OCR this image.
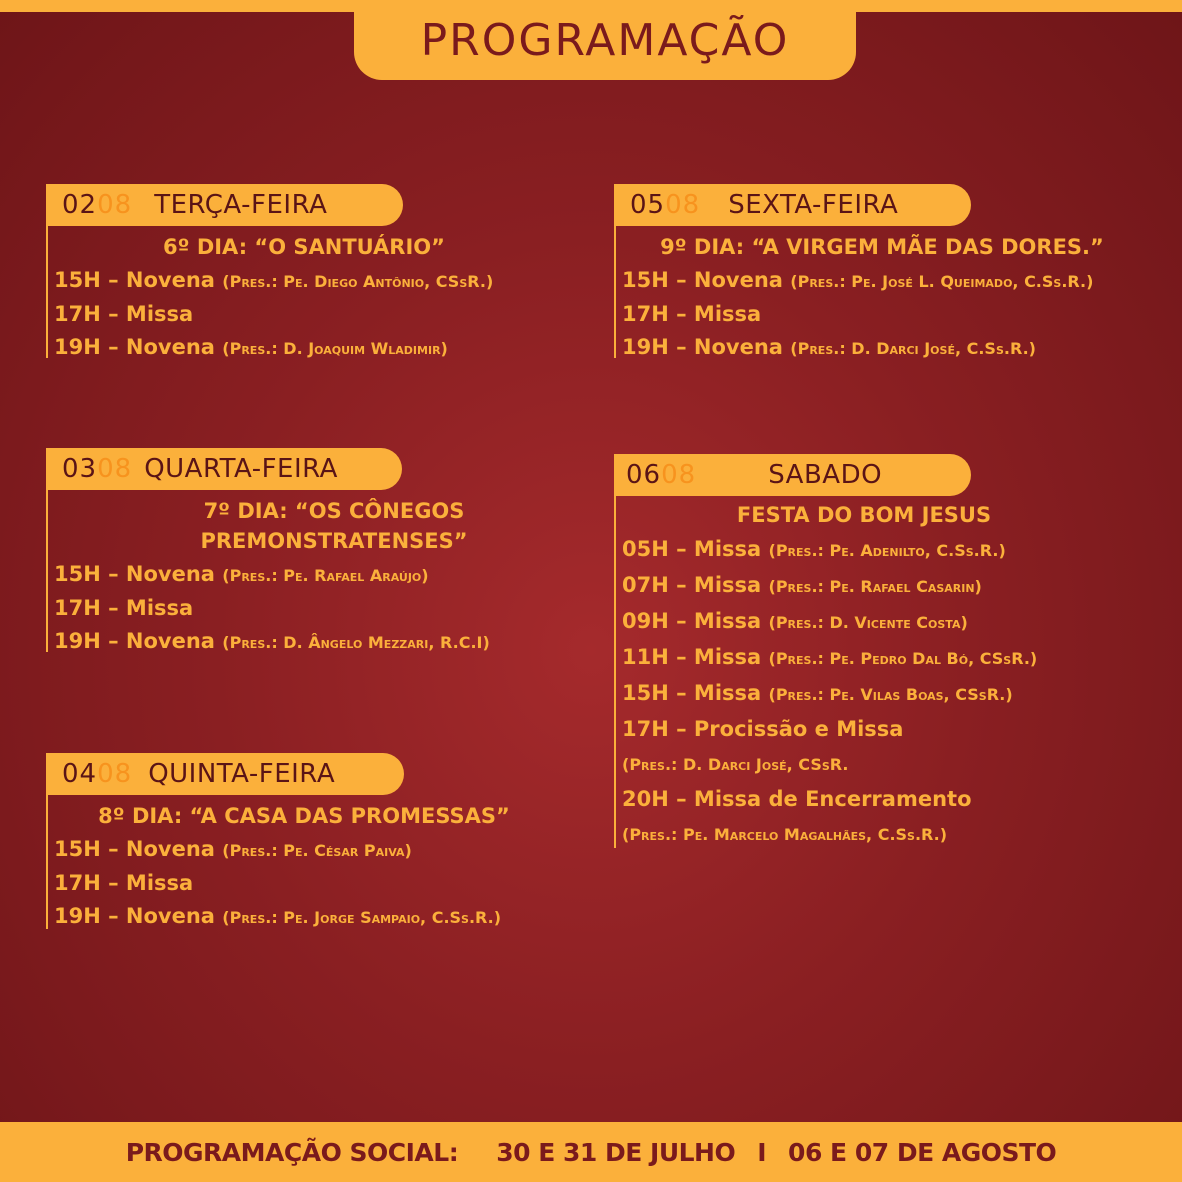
PROGRAMAÇÃO
0208 TERÇA-FEIRA
6º DIA: “O SANTUÁRIO”
15H – Novena (Pres.: Pe. Diego Antônio, CSsR.)
17H – Missa
19H – Novena (Pres.: D. Joaquim Wladimir)
0308 QUARTA-FEIRA
7º DIA: “OS CÔNEGOS PREMONSTRATENSES”
15H – Novena (Pres.: Pe. Rafael Araújo)
17H – Missa
19H – Novena (Pres.: D. Ângelo Mezzari, R.C.I)
0408 QUINTA-FEIRA
8º DIA: “A CASA DAS PROMESSAS”
15H – Novena (Pres.: Pe. César Paiva)
17H – Missa
19H – Novena (Pres.: Pe. Jorge Sampaio, C.Ss.R.)
0508 SEXTA-FEIRA
9º DIA: “A VIRGEM MÃE DAS DORES.”
15H – Novena (Pres.: Pe. José L. Queimado, C.Ss.R.)
17H – Missa
19H – Novena (Pres.: D. Darci José, C.Ss.R.)
0608	SABADO
FESTA DO BOM JESUS
05H – Missa (Pres.: Pe. Adenilto, C.Ss.R.)
07H – Missa (Pres.: Pe. Rafael Casarin)
09H – Missa (Pres.: D. Vicente Costa)
11H – Missa (Pres.: Pe. Pedro Dal Bó, CSsR.)
15H – Missa (Pres.: Pe. Vilas Boas, CSsR.)
17H – Procissão e Missa
(Pres.: D. Darci José, CSsR.
20H – Missa de Encerramento
(Pres.: Pe. Marcelo Magalhães, C.Ss.R.)
PROGRAMAÇÃO SOCIAL: 30 E 31 DE JULHO I 06 E 07 DE AGOSTO
